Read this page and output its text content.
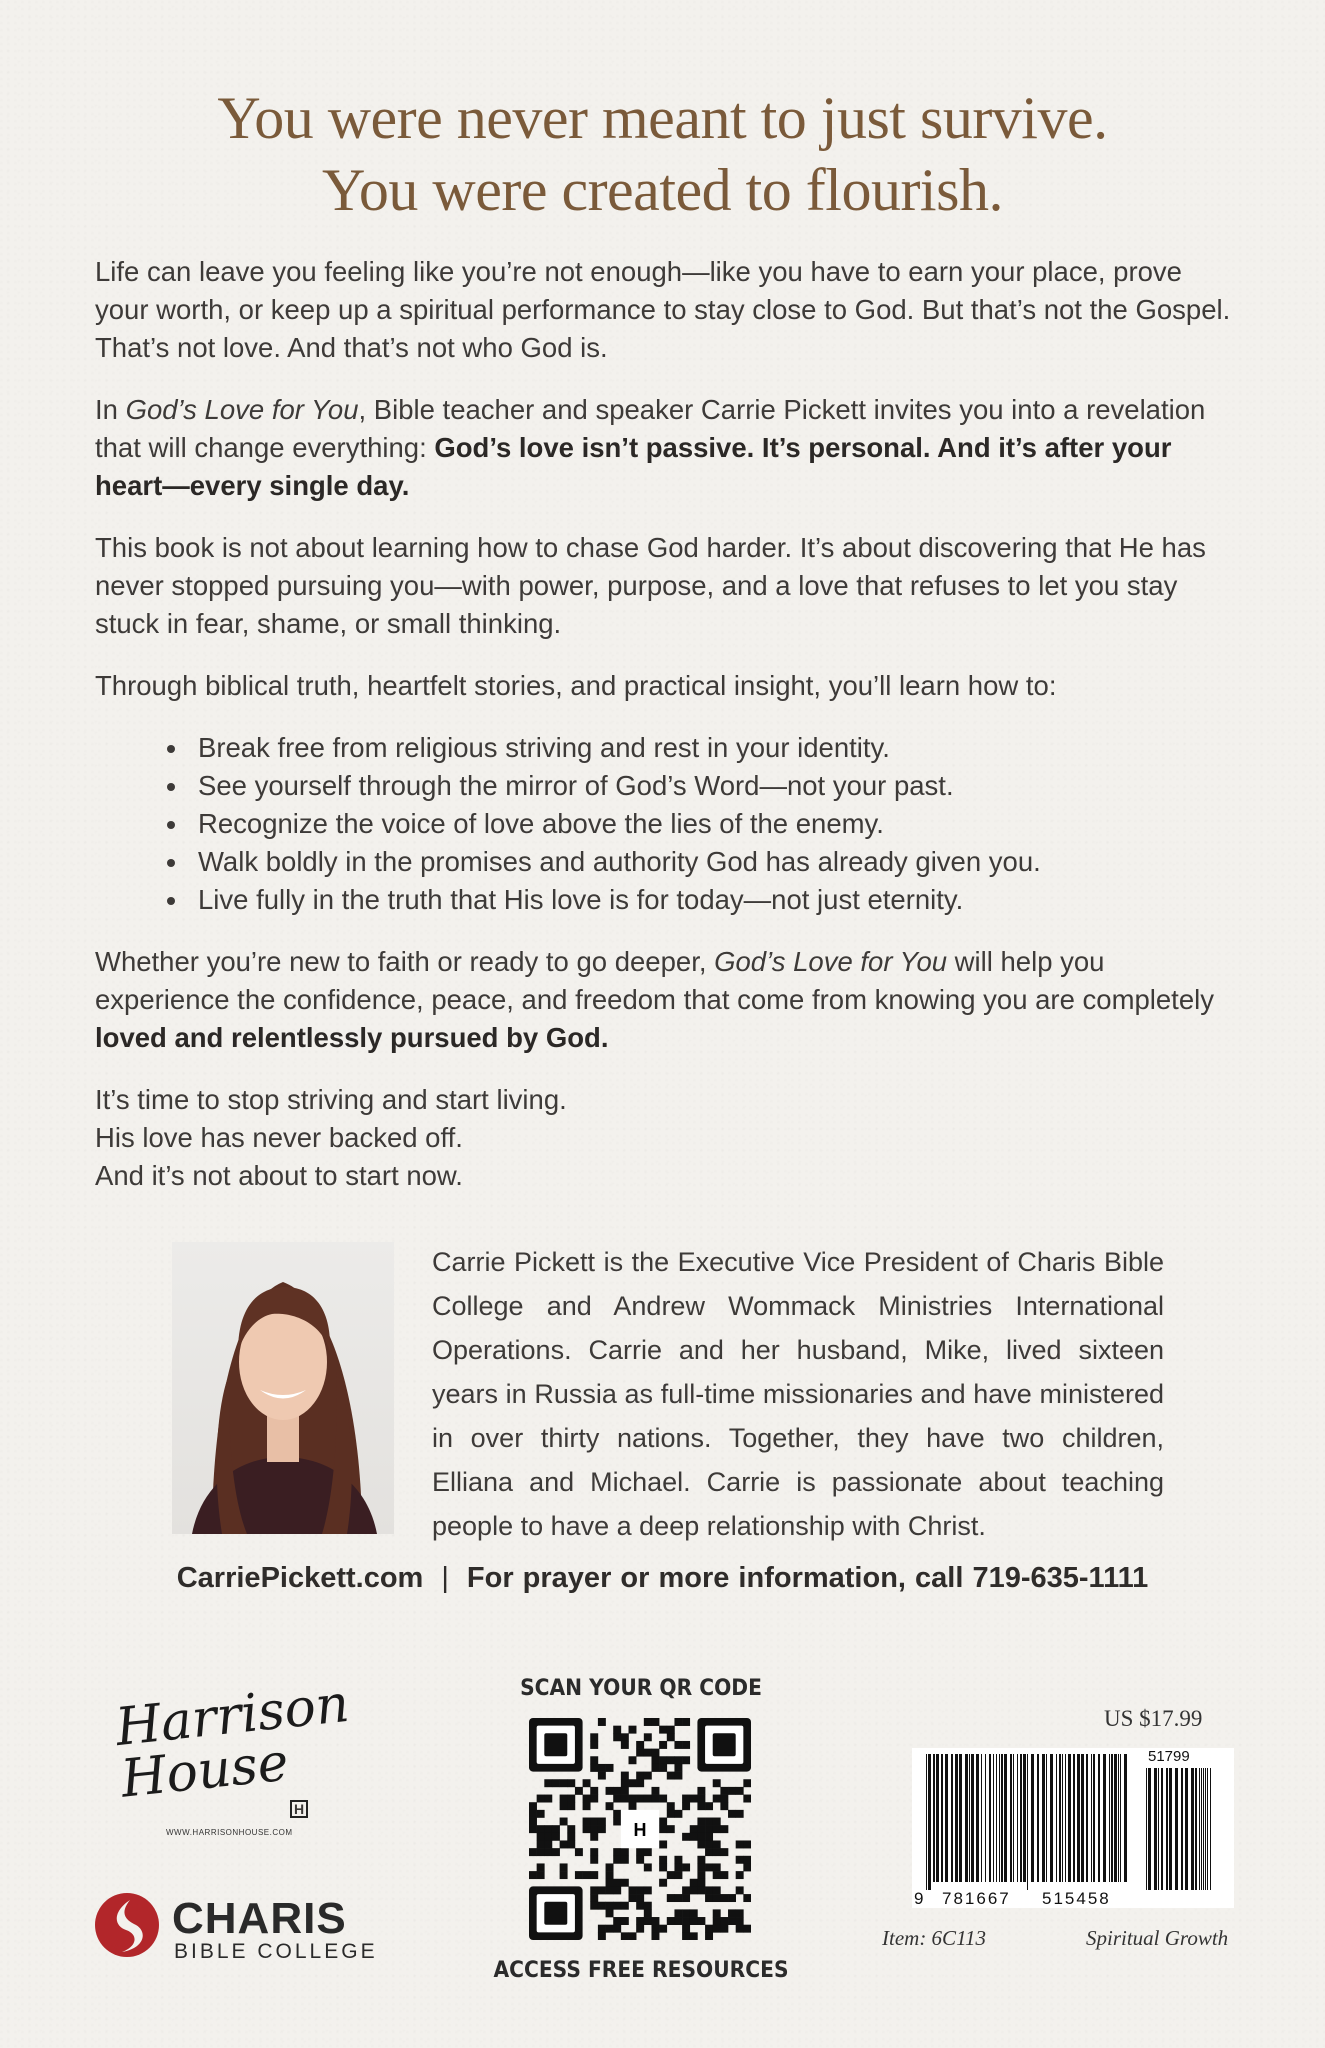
You were never meant to just survive.
You were created to flourish.

Life can leave you feeling like you’re not enough—like you have to earn your place, prove your worth, or keep up a spiritual performance to stay close to God. But that’s not the Gospel. That’s not love. And that’s not who God is.

In God’s Love for You, Bible teacher and speaker Carrie Pickett invites you into a revelation that will change everything: God’s love isn’t passive. It’s personal. And it’s after your heart—every single day.

This book is not about learning how to chase God harder. It’s about discovering that He has never stopped pursuing you—with power, purpose, and a love that refuses to let you stay stuck in fear, shame, or small thinking.

Through biblical truth, heartfelt stories, and practical insight, you’ll learn how to:

• Break free from religious striving and rest in your identity.
• See yourself through the mirror of God’s Word—not your past.
• Recognize the voice of love above the lies of the enemy.
• Walk boldly in the promises and authority God has already given you.
• Live fully in the truth that His love is for today—not just eternity.

Whether you’re new to faith or ready to go deeper, God’s Love for You will help you experience the confidence, peace, and freedom that come from knowing you are completely loved and relentlessly pursued by God.

It’s time to stop striving and start living.

His love has never backed off.

And it’s not about to start now.

Carrie Pickett is the Executive Vice President of Charis Bible College and Andrew Wommack Ministries International Operations. Carrie and her husband, Mike, lived sixteen years in Russia as full-time missionaries and have ministered in over thirty nations. Together, they have two children, Elliana and Michael. Carrie is passionate about teaching people to have a deep relationship with Christ.
CarriePickett.com | For prayer or more information, call 719-635-1111
Harrison House H
WWW.HARRISONHOUSE.COM
CHARIS
BIBLE COLLEGE
SCAN YOUR QR CODE
H
ACCESS FREE RESOURCES
US $17.99
51799
9 781667 515458
Item: 6C113	Spiritual Growth
